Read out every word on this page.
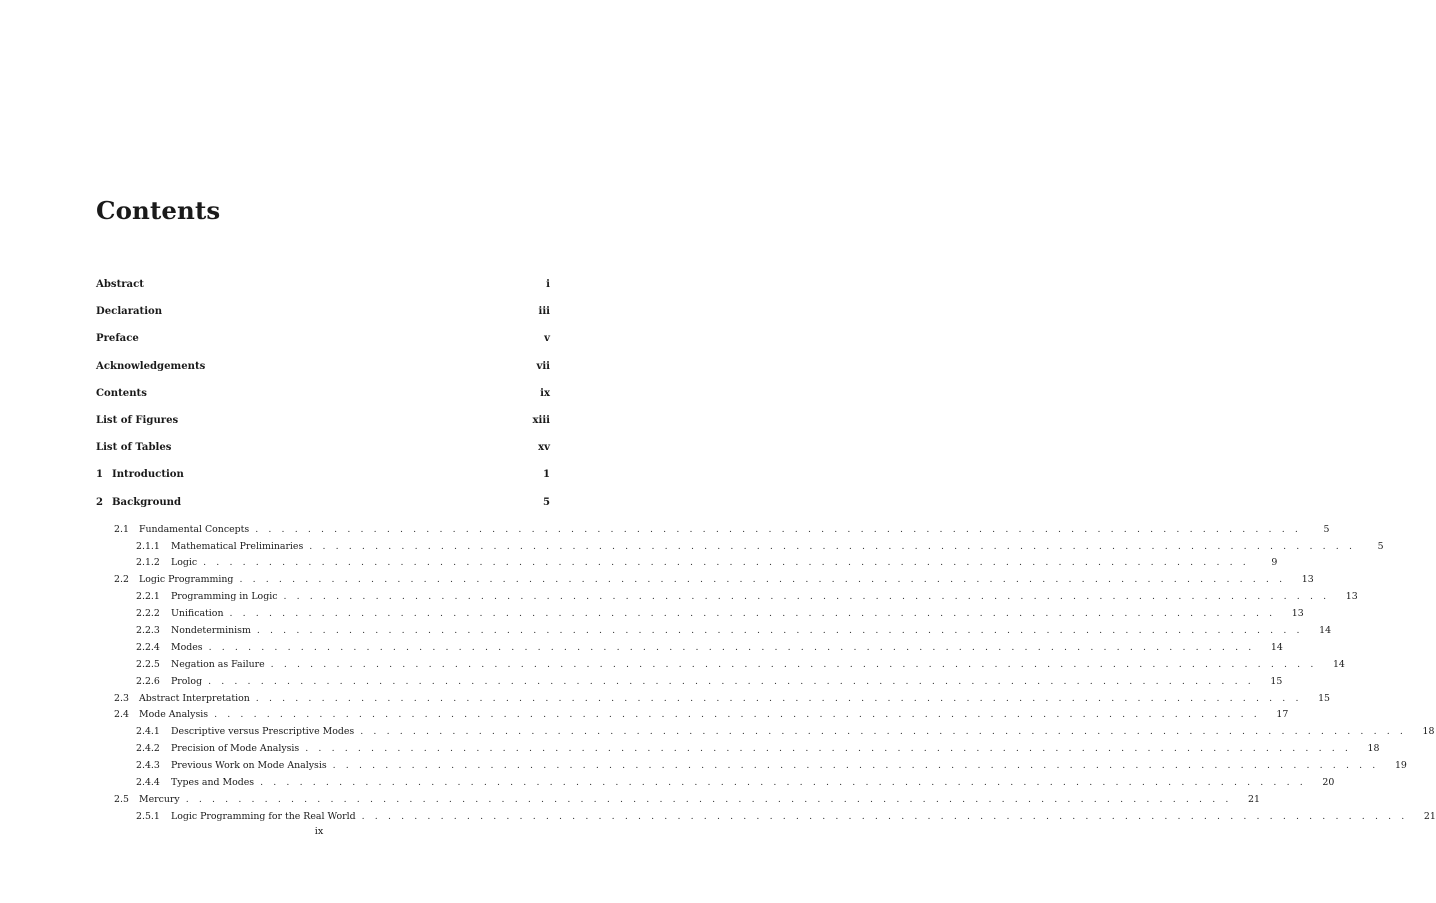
Contents
Abstract	i
Declaration	iii
Preface	v
Acknowledgements	vii
Contents	ix
List of Figures	xiii
List of Tables	xv
1 Introduction	1
2 Background	5
2.1	Fundamental Concepts . . . . . . . . . . . . . . . . . . . . . . . . . . . . . . . . . . . . . . . . . . . . . . . . . . . . . . . . . . . . . . . . . . . . . . . . . . . . . . . .	5
2.1.1	Mathematical Preliminaries . . . . . . . . . . . . . . . . . . . . . . . . . . . . . . . . . . . . . . . . . . . . . . . . . . . . . . . . . . . . . . . . . . . . . . . . . . . . . . . .	5
2.1.2	Logic . . . . . . . . . . . . . . . . . . . . . . . . . . . . . . . . . . . . . . . . . . . . . . . . . . . . . . . . . . . . . . . . . . . . . . . . . . . . . . . .	9
2.2	Logic Programming . . . . . . . . . . . . . . . . . . . . . . . . . . . . . . . . . . . . . . . . . . . . . . . . . . . . . . . . . . . . . . . . . . . . . . . . . . . . . . . .	13
2.2.1	Programming in Logic . . . . . . . . . . . . . . . . . . . . . . . . . . . . . . . . . . . . . . . . . . . . . . . . . . . . . . . . . . . . . . . . . . . . . . . . . . . . . . . .	13
2.2.2	Unification . . . . . . . . . . . . . . . . . . . . . . . . . . . . . . . . . . . . . . . . . . . . . . . . . . . . . . . . . . . . . . . . . . . . . . . . . . . . . . . .	13
2.2.3	Nondeterminism . . . . . . . . . . . . . . . . . . . . . . . . . . . . . . . . . . . . . . . . . . . . . . . . . . . . . . . . . . . . . . . . . . . . . . . . . . . . . . . .	14
2.2.4	Modes . . . . . . . . . . . . . . . . . . . . . . . . . . . . . . . . . . . . . . . . . . . . . . . . . . . . . . . . . . . . . . . . . . . . . . . . . . . . . . . .	14
2.2.5	Negation as Failure . . . . . . . . . . . . . . . . . . . . . . . . . . . . . . . . . . . . . . . . . . . . . . . . . . . . . . . . . . . . . . . . . . . . . . . . . . . . . . . .	14
2.2.6	Prolog . . . . . . . . . . . . . . . . . . . . . . . . . . . . . . . . . . . . . . . . . . . . . . . . . . . . . . . . . . . . . . . . . . . . . . . . . . . . . . . .	15
2.3	Abstract Interpretation . . . . . . . . . . . . . . . . . . . . . . . . . . . . . . . . . . . . . . . . . . . . . . . . . . . . . . . . . . . . . . . . . . . . . . . . . . . . . . . .	15
2.4	Mode Analysis . . . . . . . . . . . . . . . . . . . . . . . . . . . . . . . . . . . . . . . . . . . . . . . . . . . . . . . . . . . . . . . . . . . . . . . . . . . . . . . .	17
2.4.1	Descriptive versus Prescriptive Modes . . . . . . . . . . . . . . . . . . . . . . . . . . . . . . . . . . . . . . . . . . . . . . . . . . . . . . . . . . . . . . . . . . . . . . . . . . . . . . . .	18
2.4.2	Precision of Mode Analysis . . . . . . . . . . . . . . . . . . . . . . . . . . . . . . . . . . . . . . . . . . . . . . . . . . . . . . . . . . . . . . . . . . . . . . . . . . . . . . . .	18
2.4.3	Previous Work on Mode Analysis . . . . . . . . . . . . . . . . . . . . . . . . . . . . . . . . . . . . . . . . . . . . . . . . . . . . . . . . . . . . . . . . . . . . . . . . . . . . . . . .	19
2.4.4	Types and Modes . . . . . . . . . . . . . . . . . . . . . . . . . . . . . . . . . . . . . . . . . . . . . . . . . . . . . . . . . . . . . . . . . . . . . . . . . . . . . . . .	20
2.5	Mercury . . . . . . . . . . . . . . . . . . . . . . . . . . . . . . . . . . . . . . . . . . . . . . . . . . . . . . . . . . . . . . . . . . . . . . . . . . . . . . . .	21
2.5.1	Logic Programming for the Real World . . . . . . . . . . . . . . . . . . . . . . . . . . . . . . . . . . . . . . . . . . . . . . . . . . . . . . . . . . . . . . . . . . . . . . . . . . . . . . . .	21
ix
